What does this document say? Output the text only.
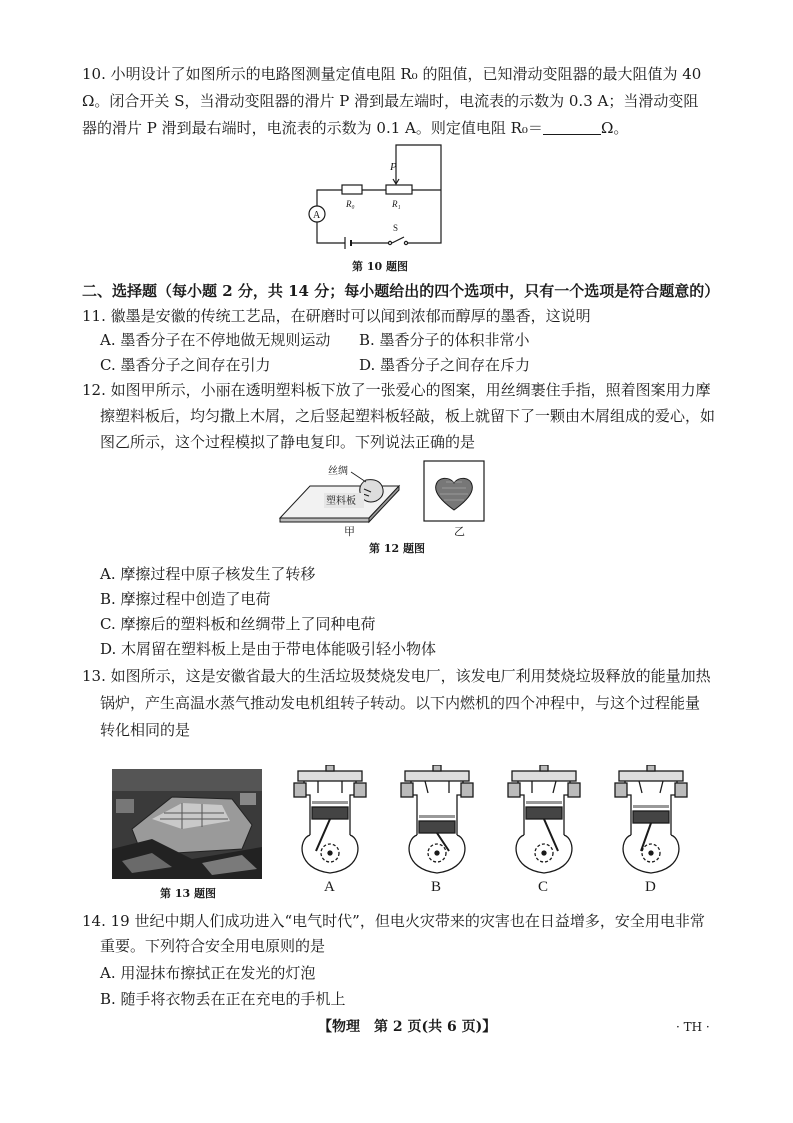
10. 小明设计了如图所示的电路图测量定值电阻 R₀ 的阻值，已知滑动变阻器的最大阻值为 40
Ω。闭合开关 S，当滑动变阻器的滑片 P 滑到最左端时，电流表的示数为 0.3 A；当滑动变阻
器的滑片 P 滑到最右端时，电流表的示数为 0.1 A。则定值电阻 R₀＝	Ω。
P
R₀	R₁
A
S
第 10 题图
二、选择题（每小题 2 分，共 14 分；每小题给出的四个选项中，只有一个选项是符合题意的）
11. 徽墨是安徽的传统工艺品，在研磨时可以闻到浓郁而醇厚的墨香，这说明
A. 墨香分子在不停地做无规则运动 B. 墨香分子的体积非常小
C. 墨香分子之间存在引力	D. 墨香分子之间存在斥力
12. 如图甲所示，小丽在透明塑料板下放了一张爱心的图案，用丝绸裹住手指，照着图案用力摩
擦塑料板后，均匀撒上木屑，之后竖起塑料板轻敲，板上就留下了一颗由木屑组成的爱心，如
图乙所示，这个过程模拟了静电复印。下列说法正确的是
丝绸
塑料板
甲	乙
第 12 题图
A. 摩擦过程中原子核发生了转移
B. 摩擦过程中创造了电荷
C. 摩擦后的塑料板和丝绸带上了同种电荷
D. 木屑留在塑料板上是由于带电体能吸引轻小物体
13. 如图所示，这是安徽省最大的生活垃圾焚烧发电厂，该发电厂利用焚烧垃圾释放的能量加热
锅炉，产生高温水蒸气推动发电机组转子转动。以下内燃机的四个冲程中，与这个过程能量
转化相同的是
第 13 题图	A	B	C	D
14. 19 世纪中期人们成功进入“电气时代”，但电火灾带来的灾害也在日益增多，安全用电非常
重要。下列符合安全用电原则的是
A. 用湿抹布擦拭正在发光的灯泡
B. 随手将衣物丢在正在充电的手机上
【物理　第 2 页(共 6 页)】	· TH ·
